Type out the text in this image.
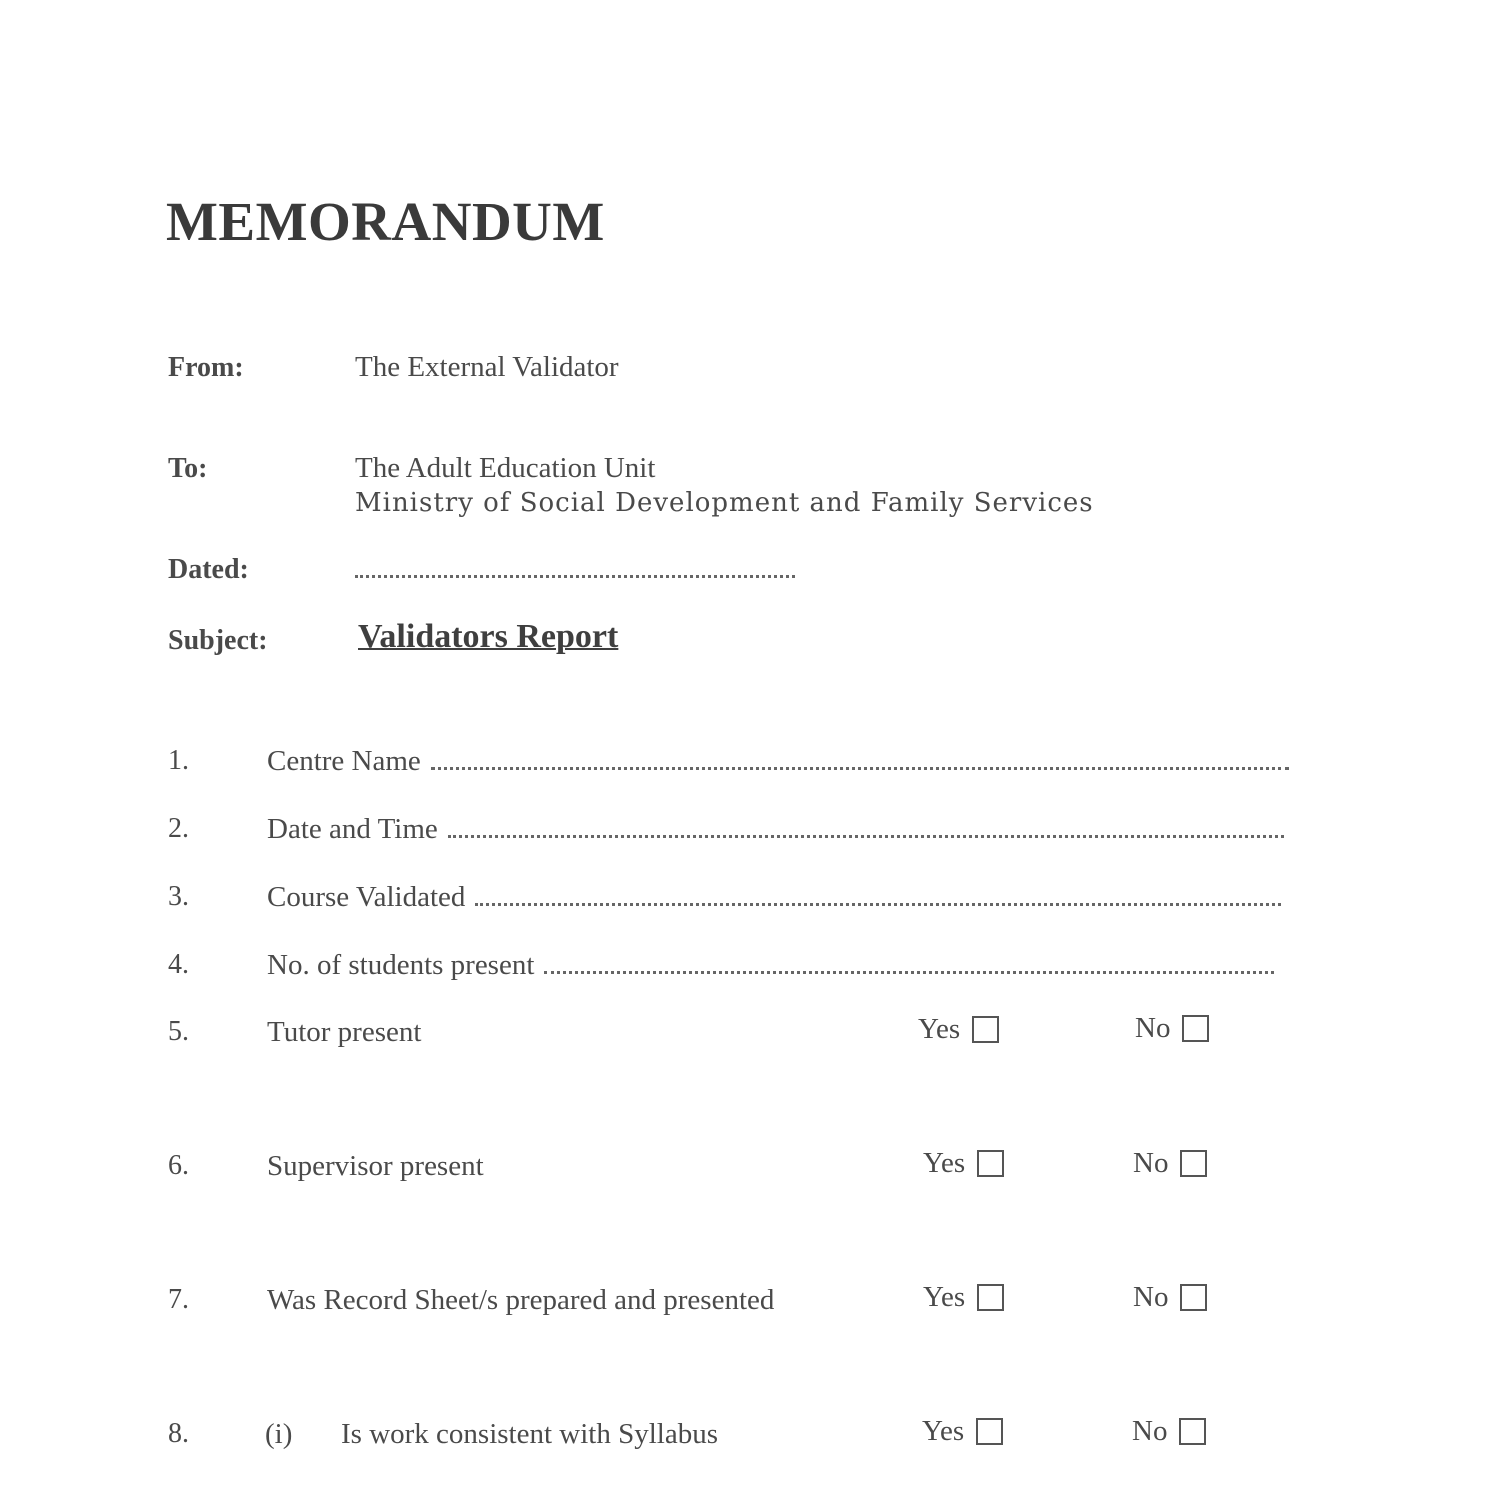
MEMORANDUM
From:	The External Validator
To:	The Adult Education Unit
Ministry of Social Development and Family Services
Dated:
Subject:	Validators Report
1.	Centre Name
2.	Date and Time
3.	Course Validated
4.	No. of students present
5.	Tutor present	Yes	No
6.	Supervisor present	Yes	No
7.	Was Record Sheet/s prepared and presented	Yes	No
8.	(i) Is work consistent with Syllabus	Yes	No
